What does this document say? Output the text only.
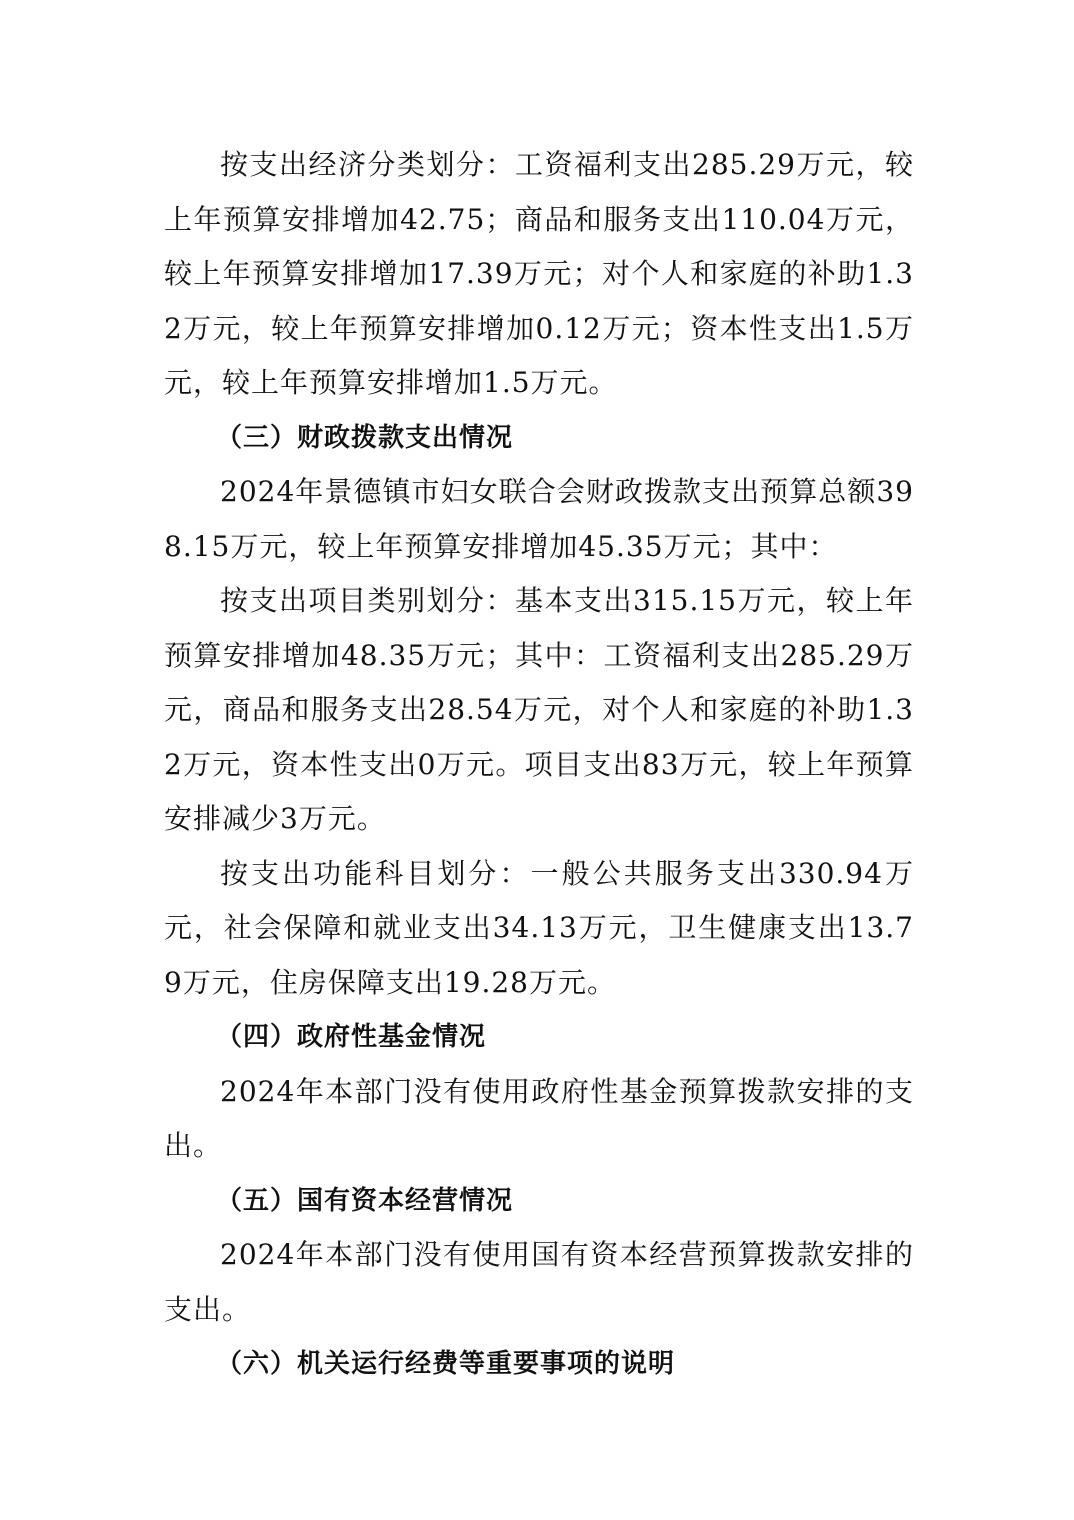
按支出经济分类划分：工资福利支出285.29万元，较上年预算安排增加42.75；商品和服务支出110.04万元，较上年预算安排增加17.39万元；对个人和家庭的补助1.32万元，较上年预算安排增加0.12万元；资本性支出1.5万元，较上年预算安排增加1.5万元。

（三）财政拨款支出情况

2024年景德镇市妇女联合会财政拨款支出预算总额398.15万元，较上年预算安排增加45.35万元；其中：

按支出项目类别划分：基本支出315.15万元，较上年预算安排增加48.35万元；其中：工资福利支出285.29万元，商品和服务支出28.54万元，对个人和家庭的补助1.32万元，资本性支出0万元。项目支出83万元，较上年预算安排减少3万元。

按支出功能科目划分：一般公共服务支出330.94万元，社会保障和就业支出34.13万元，卫生健康支出13.79万元，住房保障支出19.28万元。

（四）政府性基金情况

2024年本部门没有使用政府性基金预算拨款安排的支出。

（五）国有资本经营情况

2024年本部门没有使用国有资本经营预算拨款安排的支出。

（六）机关运行经费等重要事项的说明
